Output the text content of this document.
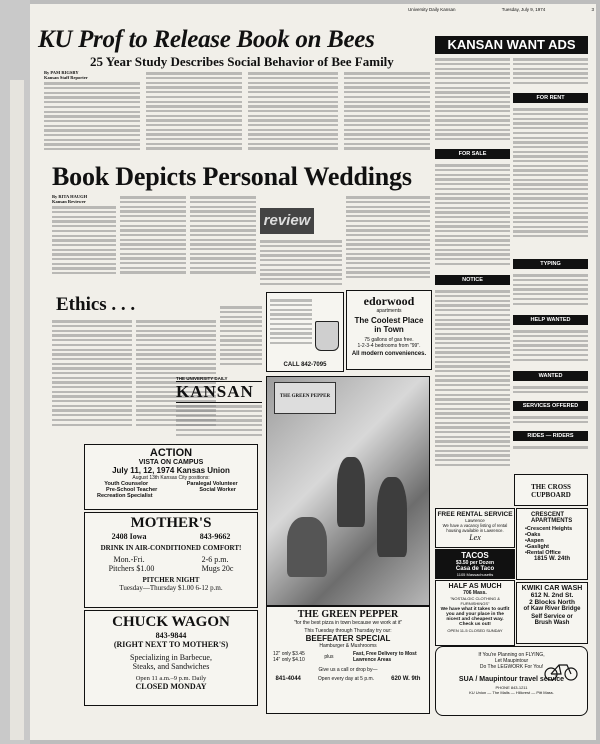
University Daily Kansan	Tuesday, July 9, 1974	3
KU Prof to Release Book on Bees
25 Year Study Describes Social Behavior of Bee Family
By PAM RIGSBY
Kansan Staff Reporter
Book Depicts Personal Weddings
By RITA HAUGH
Kansan Reviewer
review
Ethics . . .
THE UNIVERSITY DAILY
KANSAN
edorwood
apartments
The Coolest Place
in Town
75 gallons of gas free.
1-2-3-4 bedrooms from "99".
All modern conveniences.
CALL 842-7095
ACTION
VISTA ON CAMPUS
July 11, 12, 1974 Kansas Union
August 13th Kansas City positions:
Youth Counselor	Paralegal Volunteer
Pre-School Teacher	Social Worker
Recreation Specialist
MOTHER'S
2408 Iowa	843-9662
DRINK IN AIR-CONDITIONED COMFORT!
Mon.-Fri.	2-6 p.m.
Pitchers $1.00	Mugs 20c
PITCHER NIGHT
Tuesday—Thursday $1.00 6-12 p.m.
CHUCK WAGON
843-9844
(RIGHT NEXT TO MOTHER'S)
Specializing in Barbecue,
Steaks, and Sandwiches
Open 11 a.m.–9 p.m. Daily
CLOSED MONDAY
THE GREEN PEPPER
THE GREEN PEPPER
"for the best pizza in town because we work at it"
This Tuesday through Thursday try our:
BEEFEATER SPECIAL
Hamburger & Mushrooms
12" only $3.45
14" only $4.10	plus	Fast, Free Delivery to Most Lawrence Areas
Give us a call or drop by—
841-4044	Open every day at 5 p.m.	620 W. 9th
KANSAN WANT ADS
FOR SALE
NOTICE
FOR RENT
TYPING
HELP WANTED
WANTED
SERVICES OFFERED
RIDES — RIDERS
THE CROSS CUPBOARD
FREE RENTAL SERVICE
Lawrence
We have a vacancy listing of rental housing available in Lawrence.
Lex
CRESCENT APARTMENTS
•Crescent Heights
•Oaks
•Aspen
•Gaslight
•Rental Office
1815 W. 24th
TACOS
$3.50 per Dozen
Casa de Taco
1105 Massachusetts
HALF AS MUCH
706 Mass.
"NOSTALGIC CLOTHING & FURNISHINGS"
We have what it takes to outfit you and your place in the nicest and cheapest way. Check us out!
OPEN 11-5 CLOSED SUNDAY
KWIKI CAR WASH
612 N. 2nd St.
2 Blocks North
of Kaw River Bridge
Self Service or
Brush Wash
If You're Planning on FLYING,
Let Maupintour
Do The LEGWORK For You!
SUA / Maupintour travel service
PHONE 843-1211
KU Union — The Malls — Hillcrest — Pitt Mass.
